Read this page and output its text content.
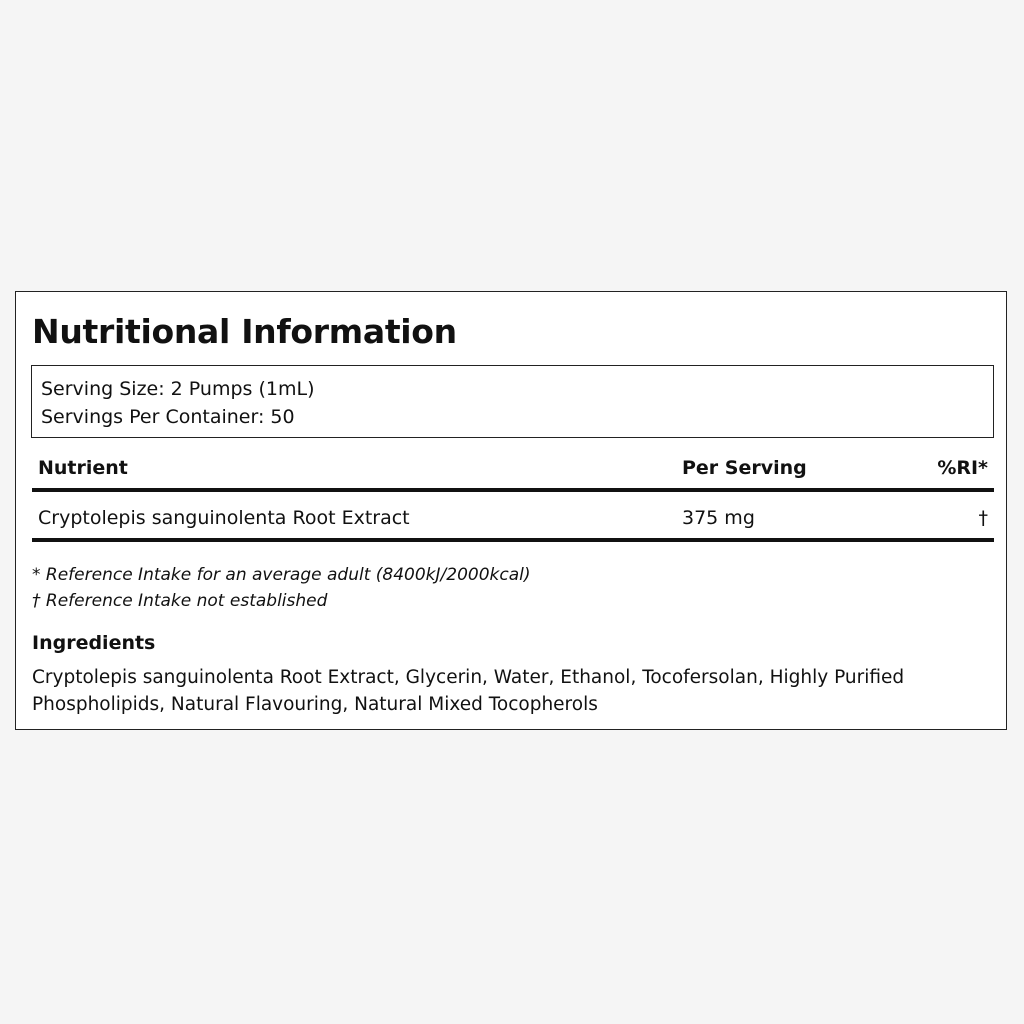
Nutritional Information
Serving Size: 2 Pumps (1mL)
Servings Per Container: 50
Nutrient	Per Serving	%RI*
Cryptolepis sanguinolenta Root Extract	375 mg	†
* Reference Intake for an average adult (8400kJ/2000kcal)
† Reference Intake not established
Ingredients
Cryptolepis sanguinolenta Root Extract, Glycerin, Water, Ethanol, Tocofersolan, Highly Purified Phospholipids, Natural Flavouring, Natural Mixed Tocopherols
